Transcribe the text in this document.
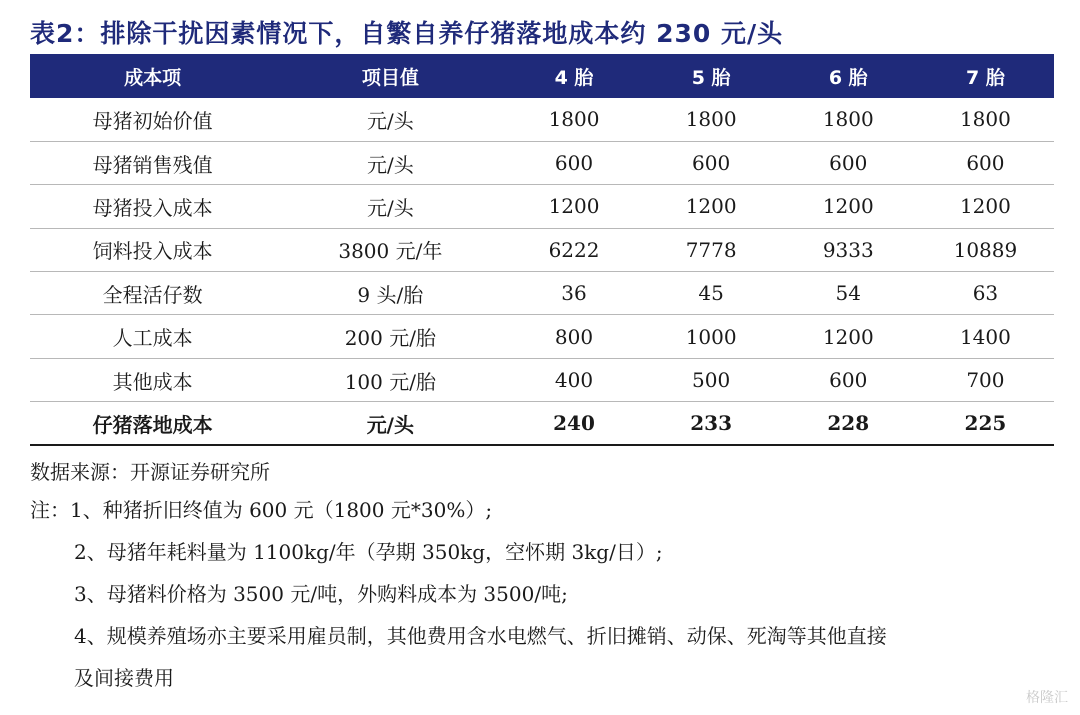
表2：排除干扰因素情况下，自繁自养仔猪落地成本约 230 元/头
成本项	项目值	4 胎	5 胎	6 胎	7 胎
母猪初始价值	元/头	1800	1800	1800	1800
母猪销售残值	元/头	600	600	600	600
母猪投入成本	元/头	1200	1200	1200	1200
饲料投入成本	3800 元/年	6222	7778	9333	10889
全程活仔数	9 头/胎	36	45	54	63
人工成本	200 元/胎	800	1000	1200	1400
其他成本	100 元/胎	400	500	600	700
仔猪落地成本	元/头	240	233	228	225
数据来源：开源证券研究所
注：1、种猪折旧终值为 600 元（1800 元*30%）;
2、母猪年耗料量为 1100kg/年（孕期 350kg，空怀期 3kg/日）;
3、母猪料价格为 3500 元/吨，外购料成本为 3500/吨;
4、规模养殖场亦主要采用雇员制，其他费用含水电燃气、折旧摊销、动保、死淘等其他直接
及间接费用
格隆汇
